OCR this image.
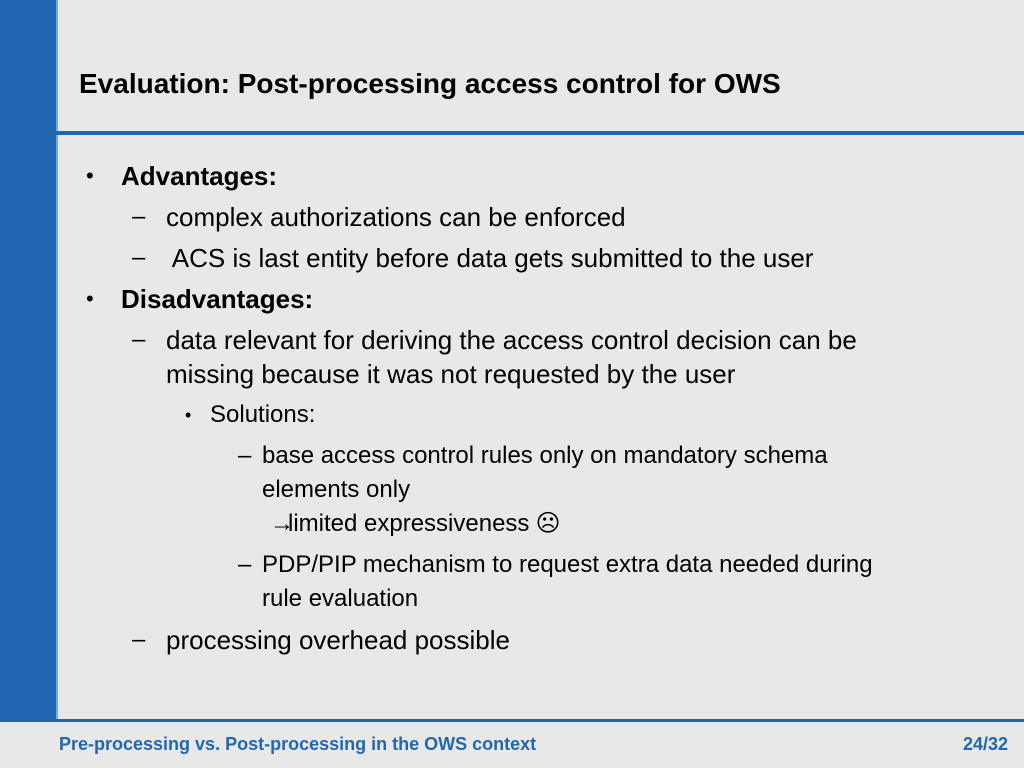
Evaluation: Post-processing access control for OWS
• Advantages:
– complex authorizations can be enforced
– ACS is last entity before data gets submitted to the user
• Disadvantages:
– data relevant for deriving the access control decision can be
missing because it was not requested by the user
• Solutions:
– base access control rules only on mandatory schema
elements only
→limited expressiveness ☹
– PDP/PIP mechanism to request extra data needed during
rule evaluation
– processing overhead possible
Pre-processing vs. Post-processing in the OWS context	24/32
